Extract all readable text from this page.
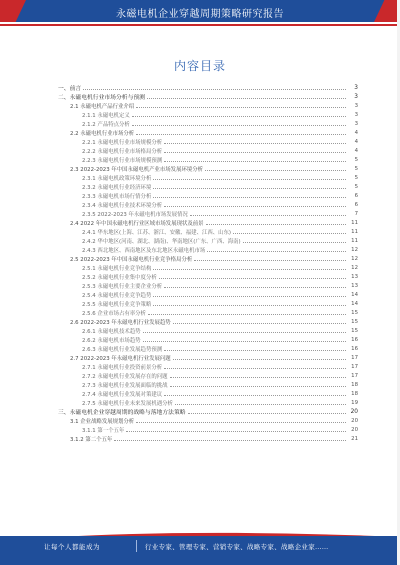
永磁电机企业穿越周期策略研究报告
内容目录
一、前言	3
二、永磁电机行业市场分析与预测	3
2.1 永磁电机产品行业介绍	3
2.1.1 永磁电机定义	3
2.1.2 产品特点分析	3
2.2 永磁电机行业市场分析	4
2.2.1 永磁电机行业市场规模分析	4
2.2.2 永磁电机行业市场格局分析	4
2.2.3 永磁电机行业市场规模预测	5
2.3 2022-2023 年中国永磁电机产业市场发展环境分析	5
2.3.1 永磁电机政策环境分析	5
2.3.2 永磁电机行业经济环境	5
2.3.3 永磁电机市场行情分析	6
2.3.4 永磁电机行业技术环境分析	6
2.3.5 2022-2023 年永磁电机市场发展情况	7
2.4 2022 年中国永磁电机行业区域市场发展现状及前景	11
2.4.1 华东地区(上海、江苏、浙江、安徽、福建、江西、山东)	11
2.4.2 华中地区(河南、湖北、湖南)、华南地区(广东、广西、海南)	11
2.4.3 西北地区、西南地区及东北地区永磁电机市场	12
2.5 2022-2023 年中国永磁电机行业竞争格局分析	12
2.5.1 永磁电机行业竞争结构	12
2.5.2 永磁电机行业集中度分析	13
2.5.3 永磁电机行业主要企业分析	13
2.5.4 永磁电机行业竞争趋势	14
2.5.5 永磁电机行业竞争策略	14
2.5.6 企业市场占有率分析	15
2.6 2022-2023 年永磁电机行业发展趋势	15
2.6.1 永磁电机技术趋势	15
2.6.2 永磁电机市场趋势	16
2.6.3 永磁电机行业发展趋势预测	16
2.7 2022-2023 年永磁电机行业发展问题	17
2.7.1 永磁电机行业投资前景分析	17
2.7.2 永磁电机行业发展存在的问题	17
2.7.3 永磁电机行业发展面临的挑战	18
2.7.4 永磁电机行业发展对策建议	18
2.7.5 永磁电机行业未来发展机遇分析	19
三、永磁电机企业穿越周期的战略与落地方法策略	20
3.1 企业战略发展规划分析	20
3.1.1 第一个五年	20
3.1.2 第二个五年	21
让每个人都能成为	行业专家、管理专家、营销专家、战略专家、战略企业家……
